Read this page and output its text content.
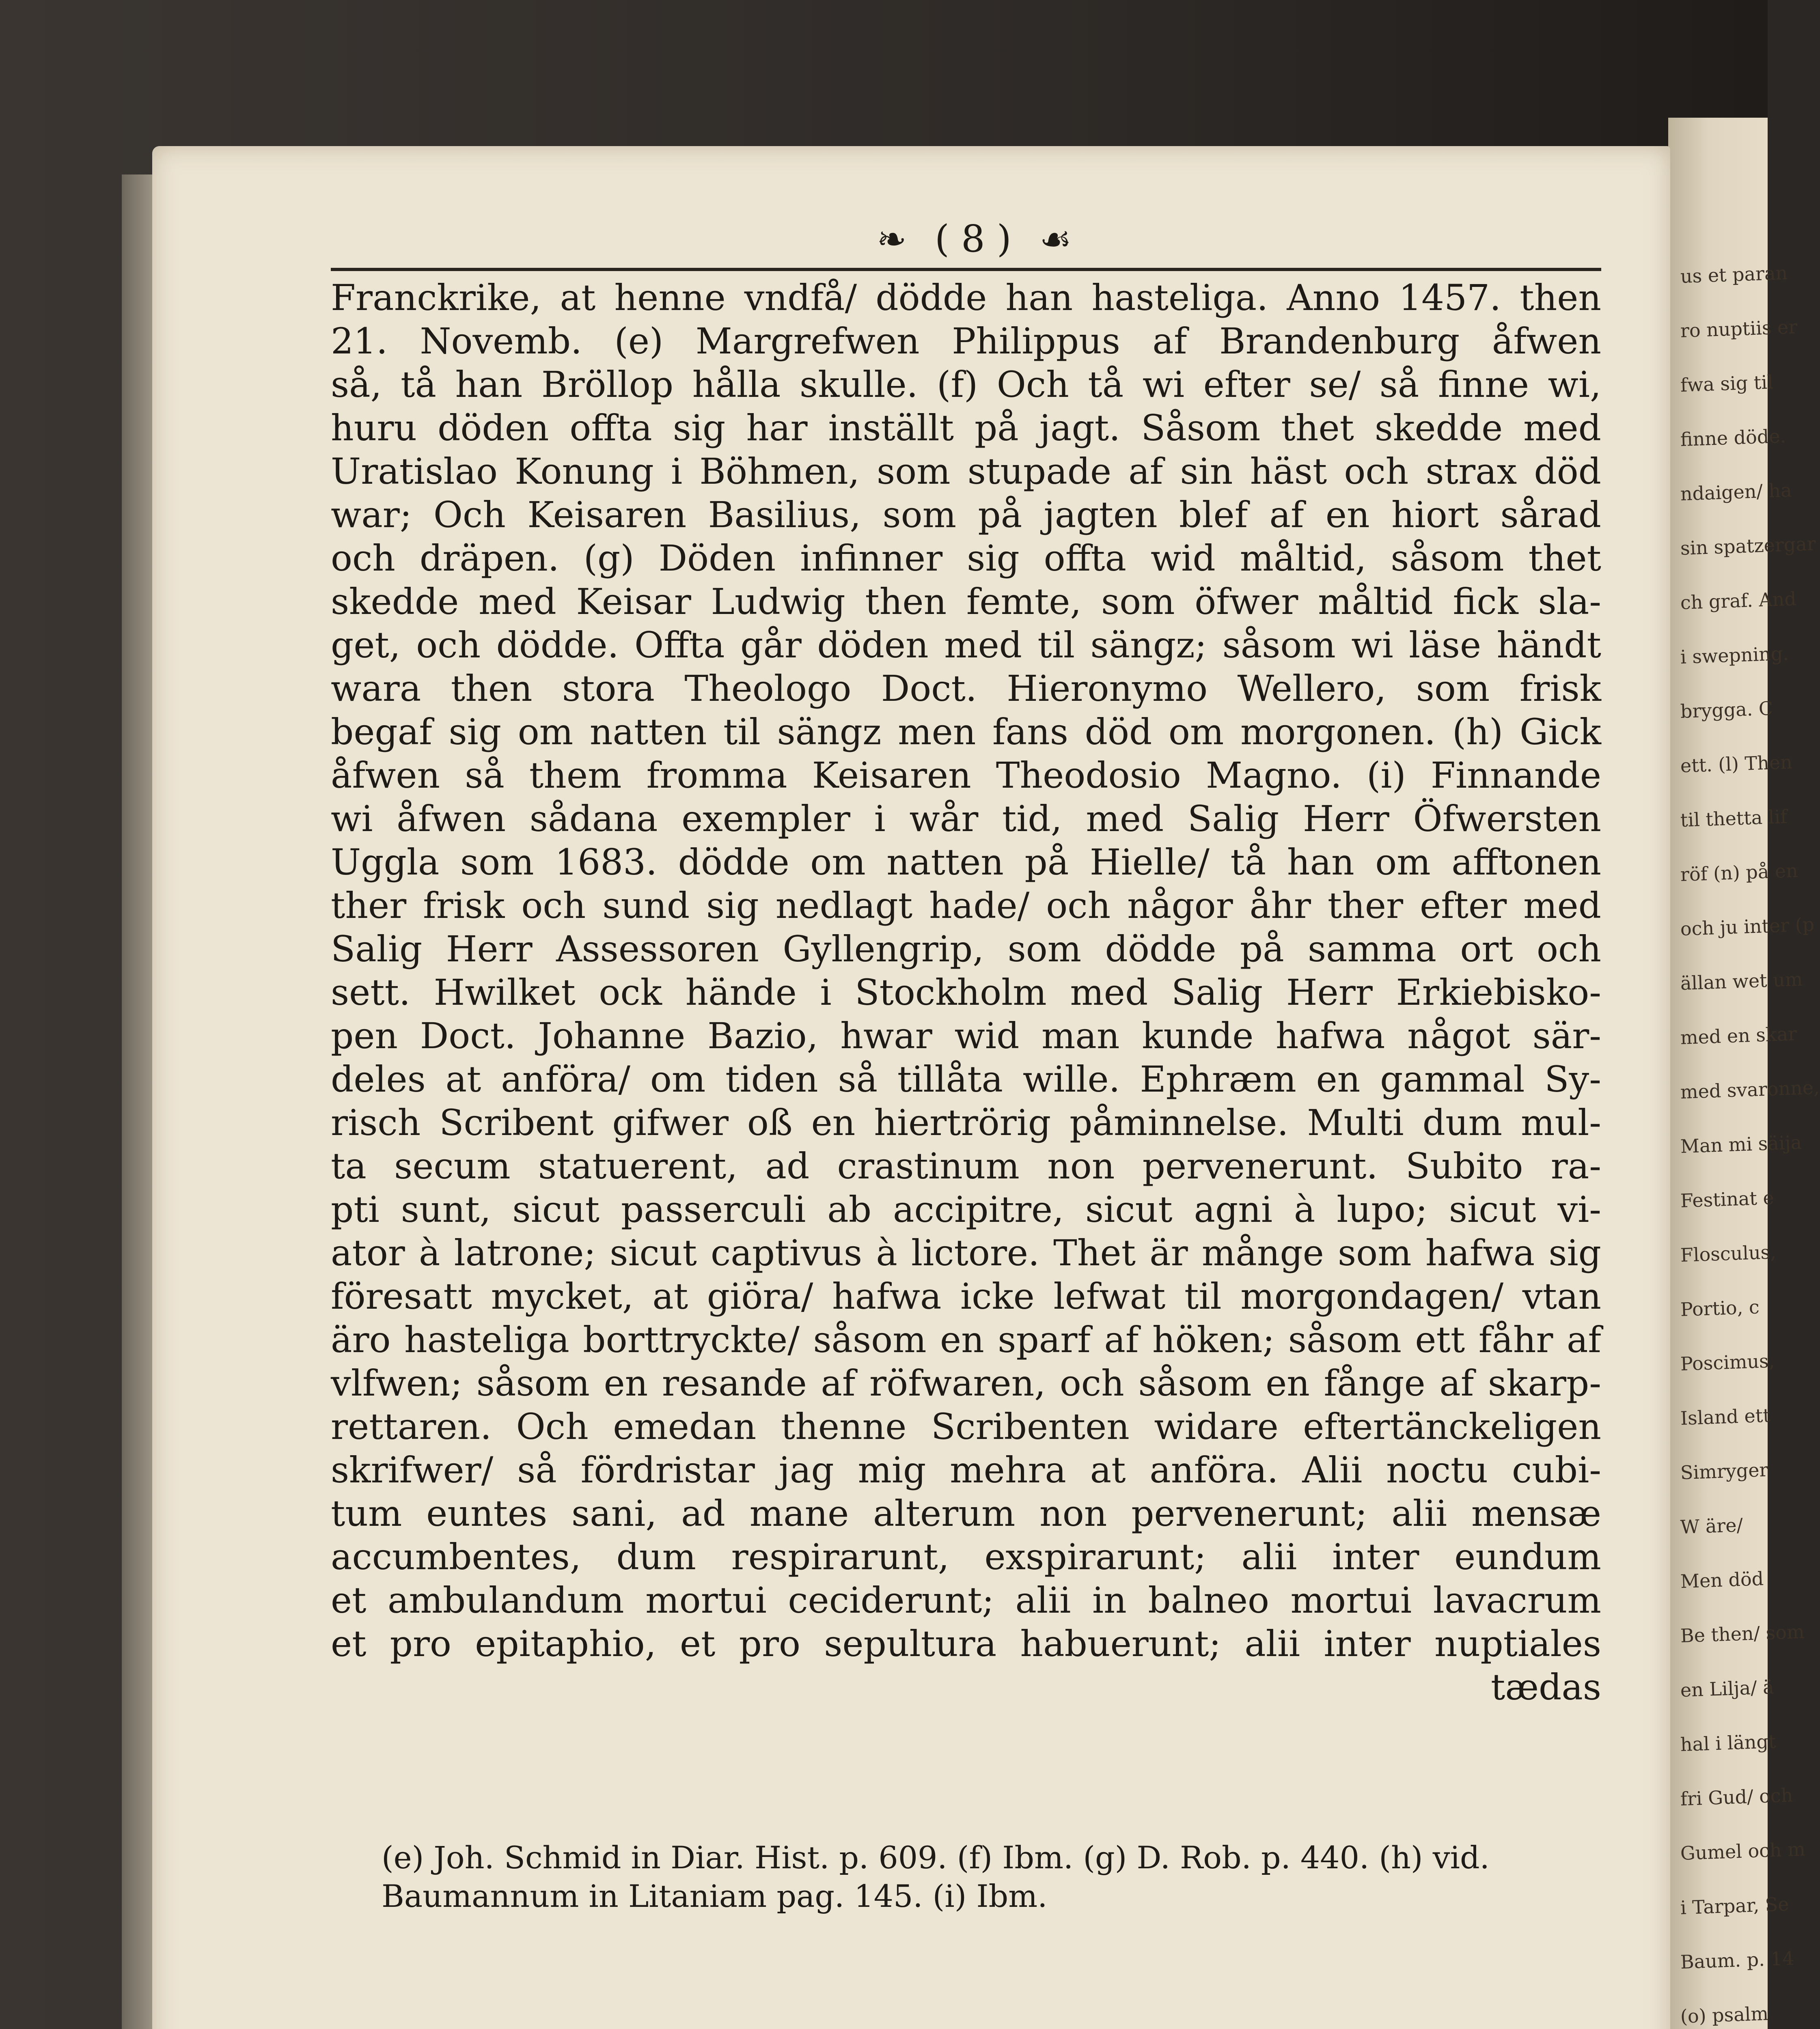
us et paran
ro nuptiis er
fwa sig til
finne döde.
ndaigen/ ha
sin spatzergar
ch graf. And
i swepning.
brygga. C
ett. (l) Then
til thetta lif
röf (n) på en
och ju inter (p
ällan wet um
med en skar
med svaronne,
Man mi säija
Festinat e
Flosculus,
Portio, c
Poscimus,
Island ett
Simryger
W äre/
Men död
Be then/ som
en Lilja/ ä
hal i längt
fri Gud/ och
Gumel och m
i Tarpar, Se
Baum. p. 14
(o) psalm
❧ ( 8 ) ☙
Franckrike, at henne vndfå/ dödde han hasteliga. Anno 1457. then
21. Novemb. (e) Margrefwen Philippus af Brandenburg åfwen
så, tå han Bröllop hålla skulle. (f) Och tå wi efter se/ så finne wi,
huru döden offta sig har inställt på jagt. Såsom thet skedde med
Uratislao Konung i Böhmen, som stupade af sin häst och strax död
war; Och Keisaren Basilius, som på jagten blef af en hiort sårad
och dräpen. (g) Döden infinner sig offta wid måltid, såsom thet
skedde med Keisar Ludwig then femte, som öfwer måltid fick sla-
get, och dödde. Offta går döden med til sängz; såsom wi läse händt
wara then stora Theologo Doct. Hieronymo Wellero, som frisk
begaf sig om natten til sängz men fans död om morgonen. (h) Gick
åfwen så them fromma Keisaren Theodosio Magno. (i) Finnande
wi åfwen sådana exempler i wår tid, med Salig Herr Öfwersten
Uggla som 1683. dödde om natten på Hielle/ tå han om afftonen
ther frisk och sund sig nedlagt hade/ och någor åhr ther efter med
Salig Herr Assessoren Gyllengrip, som dödde på samma ort och
sett. Hwilket ock hände i Stockholm med Salig Herr Erkiebisko-
pen Doct. Johanne Bazio, hwar wid man kunde hafwa något sär-
deles at anföra/ om tiden så tillåta wille. Ephræm en gammal Sy-
risch Scribent gifwer oß en hiertrörig påminnelse. Multi dum mul-
ta secum statuerent, ad crastinum non pervenerunt. Subito ra-
pti sunt, sicut passerculi ab accipitre, sicut agni à lupo; sicut vi-
ator à latrone; sicut captivus à lictore. Thet är månge som hafwa sig
föresatt mycket, at giöra/ hafwa icke lefwat til morgondagen/ vtan
äro hasteliga borttryckte/ såsom en sparf af höken; såsom ett fåhr af
vlfwen; såsom en resande af röfwaren, och såsom en fånge af skarp-
rettaren. Och emedan thenne Scribenten widare eftertänckeligen
skrifwer/ så fördristar jag mig mehra at anföra. Alii noctu cubi-
tum euntes sani, ad mane alterum non pervenerunt; alii mensæ
accumbentes, dum respirarunt, exspirarunt; alii inter eundum
et ambulandum mortui ceciderunt; alii in balneo mortui lavacrum
et pro epitaphio, et pro sepultura habuerunt; alii inter nuptiales
tædas
(e) Joh. Schmid in Diar. Hist. p. 609. (f) Ibm. (g) D. Rob. p. 440. (h) vid.
Baumannum in Litaniam pag. 145. (i) Ibm.
